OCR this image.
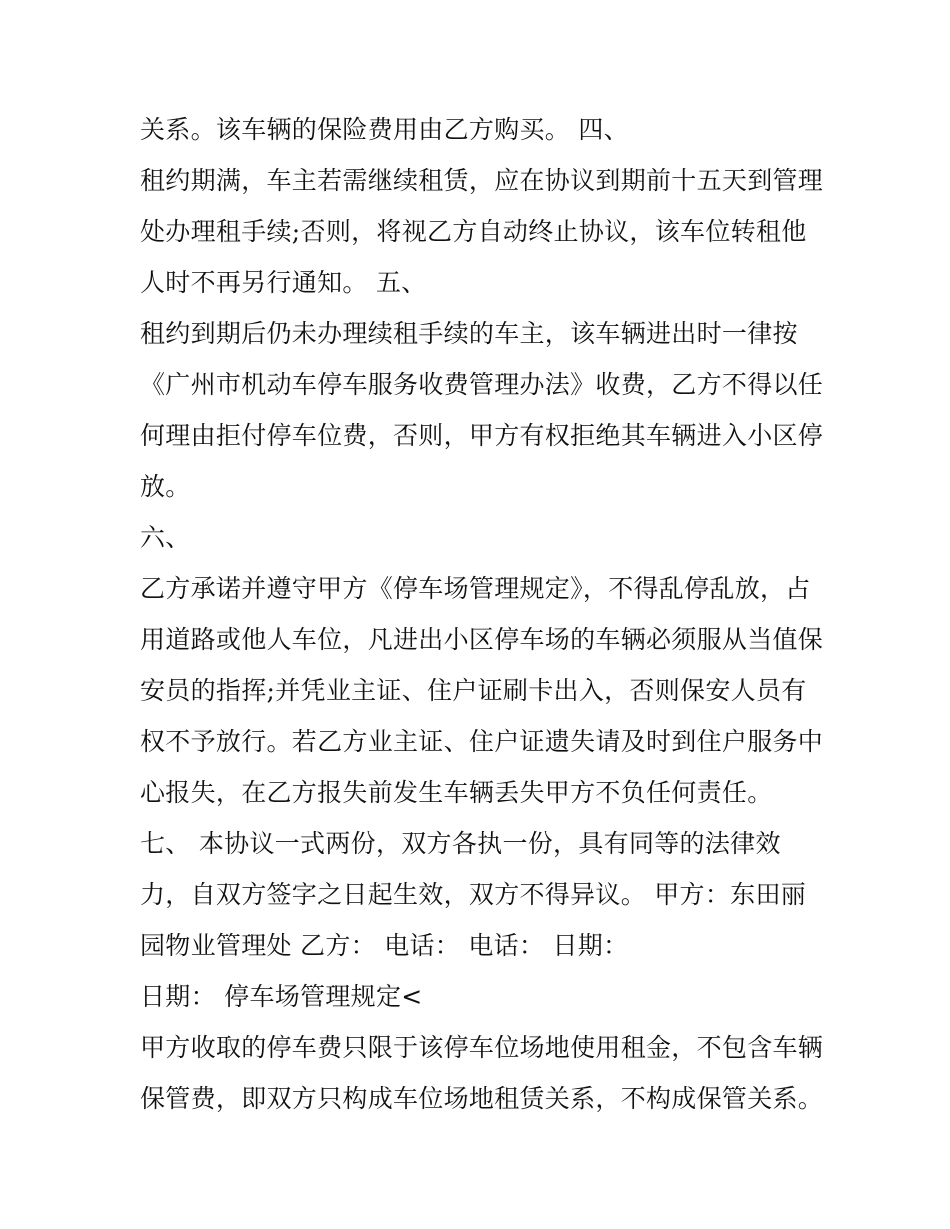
关系。该车辆的保险费用由乙方购买。 四、
租约期满，车主若需继续租赁，应在协议到期前十五天到管理
处办理租手续;否则，将视乙方自动终止协议，该车位转租他
人时不再另行通知。 五、
租约到期后仍未办理续租手续的车主，该车辆进出时一律按
《广州市机动车停车服务收费管理办法》收费，乙方不得以任
何理由拒付停车位费，否则，甲方有权拒绝其车辆进入小区停
放。
六、
乙方承诺并遵守甲方《停车场管理规定》，不得乱停乱放，占
用道路或他人车位，凡进出小区停车场的车辆必须服从当值保
安员的指挥;并凭业主证、住户证刷卡出入，否则保安人员有
权不予放行。若乙方业主证、住户证遗失请及时到住户服务中
心报失，在乙方报失前发生车辆丢失甲方不负任何责任。
七、 本协议一式两份，双方各执一份，具有同等的法律效
力，自双方签字之日起生效，双方不得异议。 甲方：东田丽
园物业管理处 乙方： 电话： 电话： 日期：
日期： 停车场管理规定<
甲方收取的停车费只限于该停车位场地使用租金，不包含车辆
保管费，即双方只构成车位场地租赁关系，不构成保管关系。
